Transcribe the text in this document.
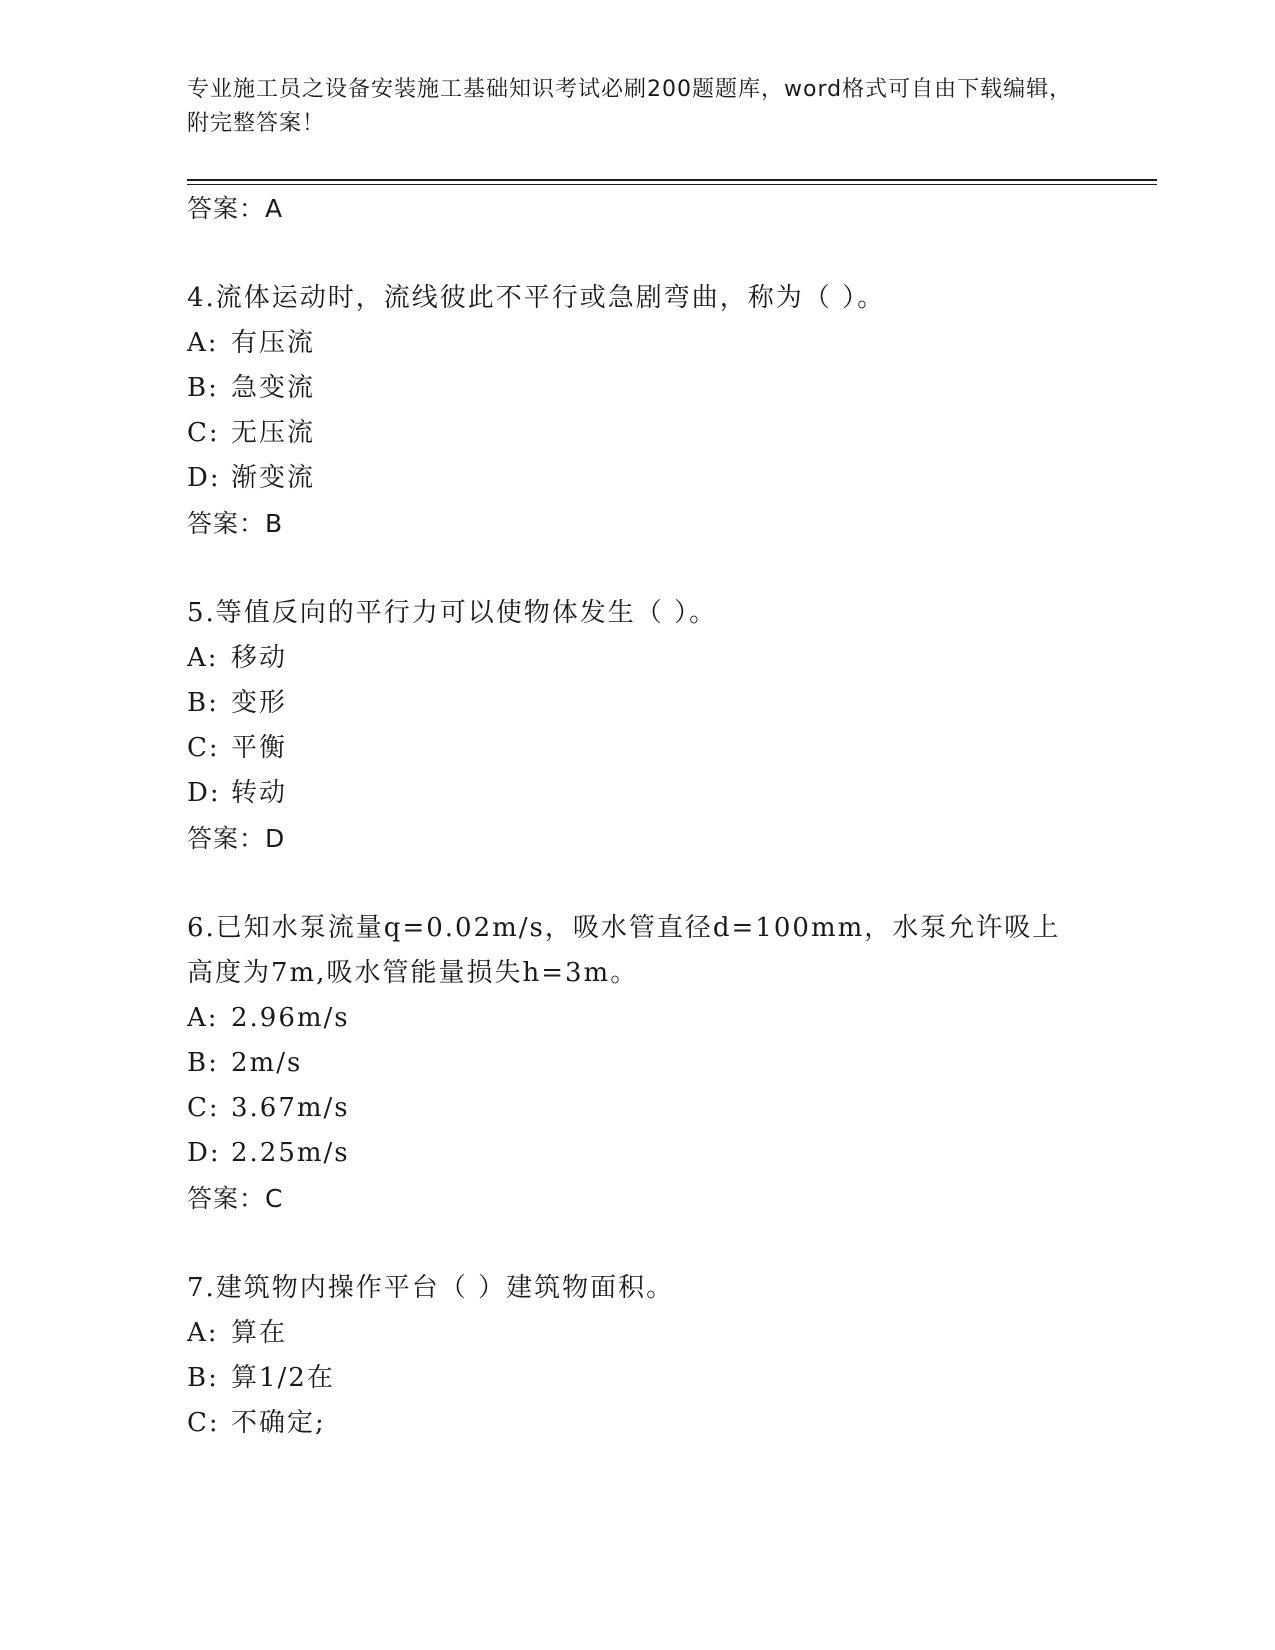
专业施工员之设备安装施工基础知识考试必刷200题题库，word格式可自由下载编辑，附完整答案！
答案：A
4.流体运动时，流线彼此不平行或急剧弯曲，称为（ ）。
A: 有压流
B: 急变流
C: 无压流
D: 渐变流
答案：B
5.等值反向的平行力可以使物体发生（ ）。
A: 移动
B: 变形
C: 平衡
D: 转动
答案：D
6.已知水泵流量q=0.02m/s，吸水管直径d=100mm，水泵允许吸上高度为7m,吸水管能量损失h=3m。
A: 2.96m/s
B: 2m/s
C: 3.67m/s
D: 2.25m/s
答案：C
7.建筑物内操作平台（ ）建筑物面积。
A: 算在
B: 算1/2在
C: 不确定;
